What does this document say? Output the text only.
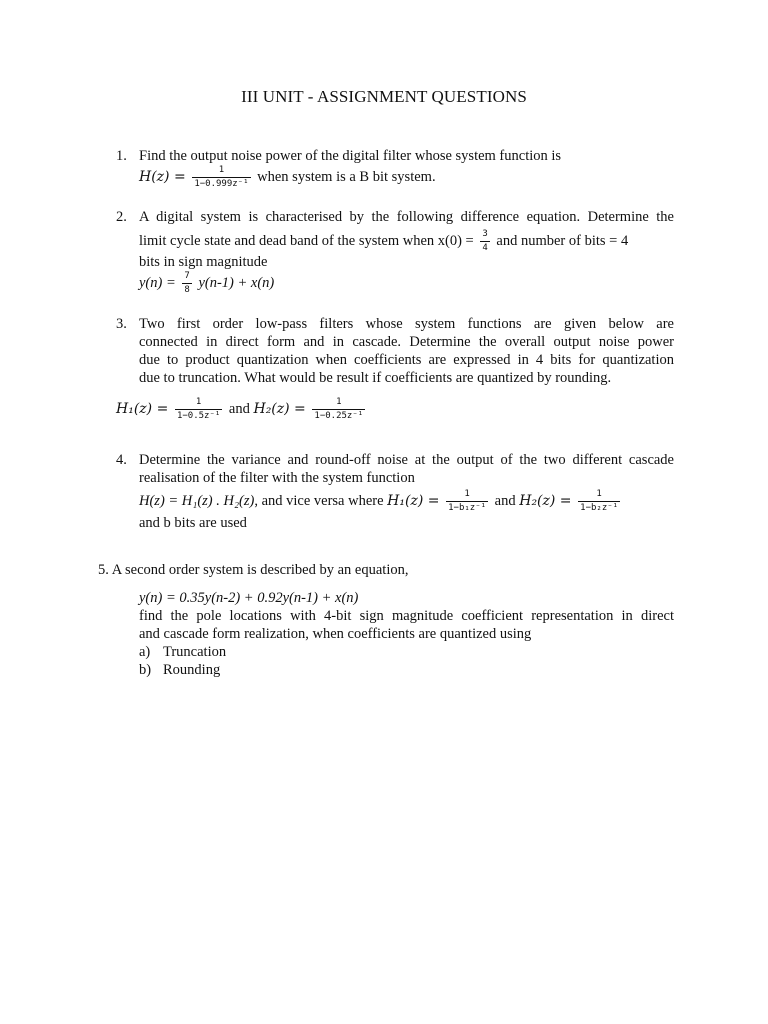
III UNIT - ASSIGNMENT QUESTIONS
1. Find the output noise power of the digital filter whose system function is
$H(z) = \frac{1}{\text{1−0.999z⁻¹}}$ when system is a B bit system.
2. A digital system is characterised by the following difference equation. Determine the
limit cycle state and dead band of the system when $x(0) = \frac{3}{4}$ and number of bits = 4
bits in sign magnitude
$y(n) = \frac{7}{8} y(n-1) + x(n)$
3. Two first order low-pass filters whose system functions are given below are
connected in direct form and in cascade. Determine the overall output noise power
due to product quantization when coefficients are expressed in 4 bits for quantization
due to truncation. What would be result if coefficients are quantized by rounding.
$H_1(z) = \frac{1}{\text{1−0.5z⁻¹}}$ and $H_2(z) = \frac{1}{\text{1−0.25z⁻¹}}$
4. Determine the variance and round-off noise at the output of the two different cascade
realisation of the filter with the system function
H(z) = H₁(z) . H₂(z), and vice versa where $H_1(z) = \frac{1}{\text{1−b₁z⁻¹}}$ and $H_2(z) = \frac{1}{\text{1−b₂z⁻¹}}$
and b bits are used
5. A second order system is described by an equation,
y(n) = 0.35y(n-2) + 0.92y(n-1) + x(n)
find the pole locations with 4-bit sign magnitude coefficient representation in direct
and cascade form realization, when coefficients are quantized using
a) Truncation
b) Rounding
